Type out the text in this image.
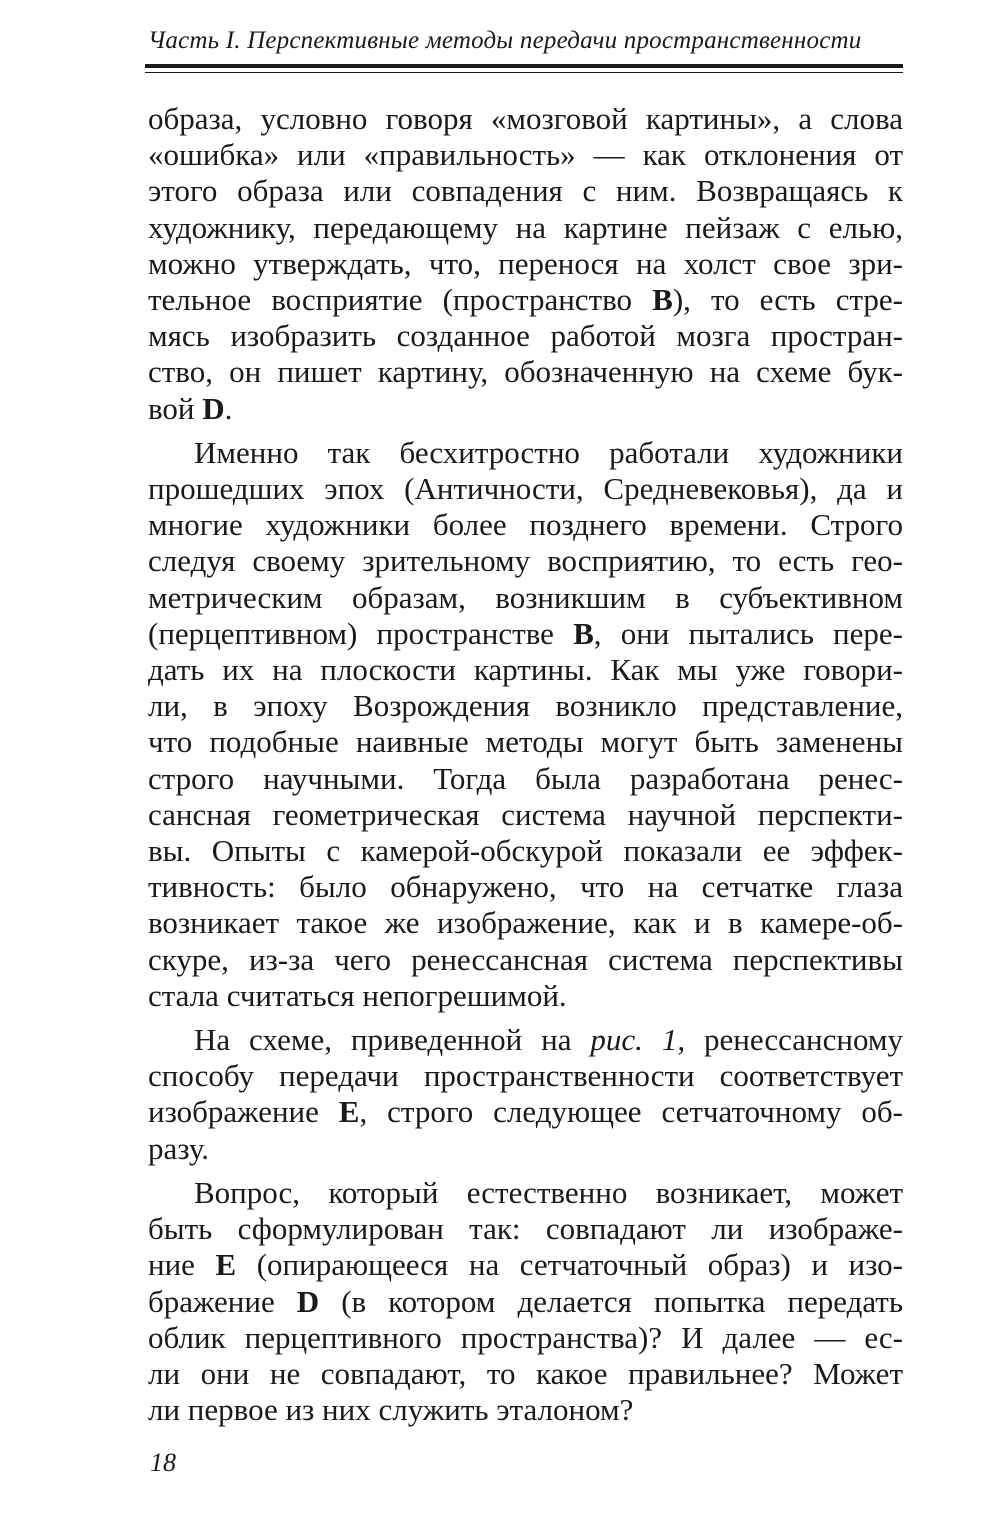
Часть I. Перспективные методы передачи пространственности

образа, условно говоря «мозговой картины», а слова
«ошибка» или «правильность» — как отклонения от
этого образа или совпадения с ним. Возвращаясь к
художнику, передающему на картине пейзаж с елью,
можно утверждать, что, перенося на холст свое зри-
тельное восприятие (пространство B), то есть стре-
мясь изобразить созданное работой мозга простран-
ство, он пишет картину, обозначенную на схеме бук-
вой D.

Именно так бесхитростно работали художники
прошедших эпох (Античности, Средневековья), да и
многие художники более позднего времени. Строго
следуя своему зрительному восприятию, то есть гео-
метрическим образам, возникшим в субъективном
(перцептивном) пространстве B, они пытались пере-
дать их на плоскости картины. Как мы уже говори-
ли, в эпоху Возрождения возникло представление,
что подобные наивные методы могут быть заменены
строго научными. Тогда была разработана ренес-
сансная геометрическая система научной перспекти-
вы. Опыты с камерой-обскурой показали ее эффек-
тивность: было обнаружено, что на сетчатке глаза
возникает такое же изображение, как и в камере-об-
скуре, из-за чего ренессансная система перспективы
стала считаться непогрешимой.

На схеме, приведенной на рис. 1, ренессансному
способу передачи пространственности соответствует
изображение E, строго следующее сетчаточному об-
разу.

Вопрос, который естественно возникает, может
быть сформулирован так: совпадают ли изображе-
ние E (опирающееся на сетчаточный образ) и изо-
бражение D (в котором делается попытка передать
облик перцептивного пространства)? И далее — ес-
ли они не совпадают, то какое правильнее? Может
ли первое из них служить эталоном?

18
